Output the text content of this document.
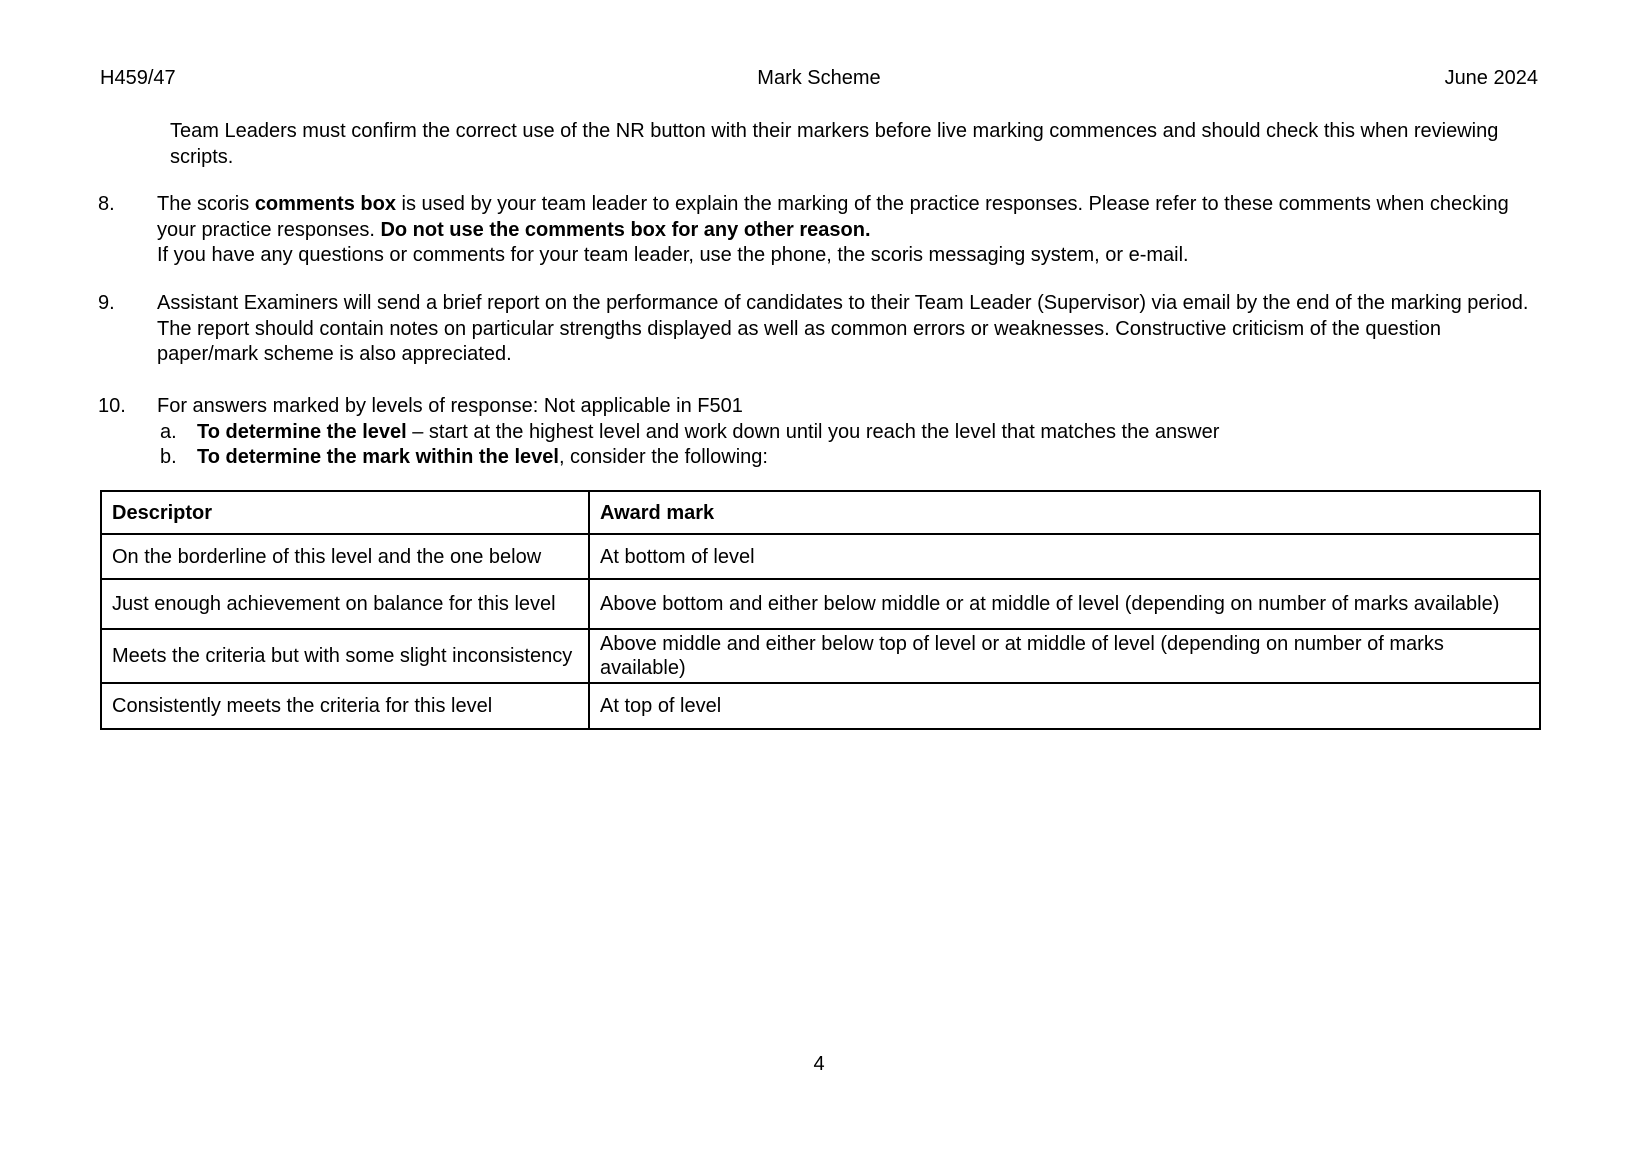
H459/47	Mark Scheme	June 2024
Team Leaders must confirm the correct use of the NR button with their markers before live marking commences and should check this when reviewing scripts.
8. The scoris comments box is used by your team leader to explain the marking of the practice responses. Please refer to these comments when checking your practice responses. Do not use the comments box for any other reason.
If you have any questions or comments for your team leader, use the phone, the scoris messaging system, or e-mail.
9. Assistant Examiners will send a brief report on the performance of candidates to their Team Leader (Supervisor) via email by the end of the marking period. The report should contain notes on particular strengths displayed as well as common errors or weaknesses. Constructive criticism of the question paper/mark scheme is also appreciated.
10. For answers marked by levels of response: Not applicable in F501
a. To determine the level – start at the highest level and work down until you reach the level that matches the answer
b. To determine the mark within the level, consider the following:
Descriptor	Award mark
On the borderline of this level and the one below	At bottom of level
Just enough achievement on balance for this level	Above bottom and either below middle or at middle of level (depending on number of marks available)
Meets the criteria but with some slight inconsistency	Above middle and either below top of level or at middle of level (depending on number of marks available)
Consistently meets the criteria for this level	At top of level
4
